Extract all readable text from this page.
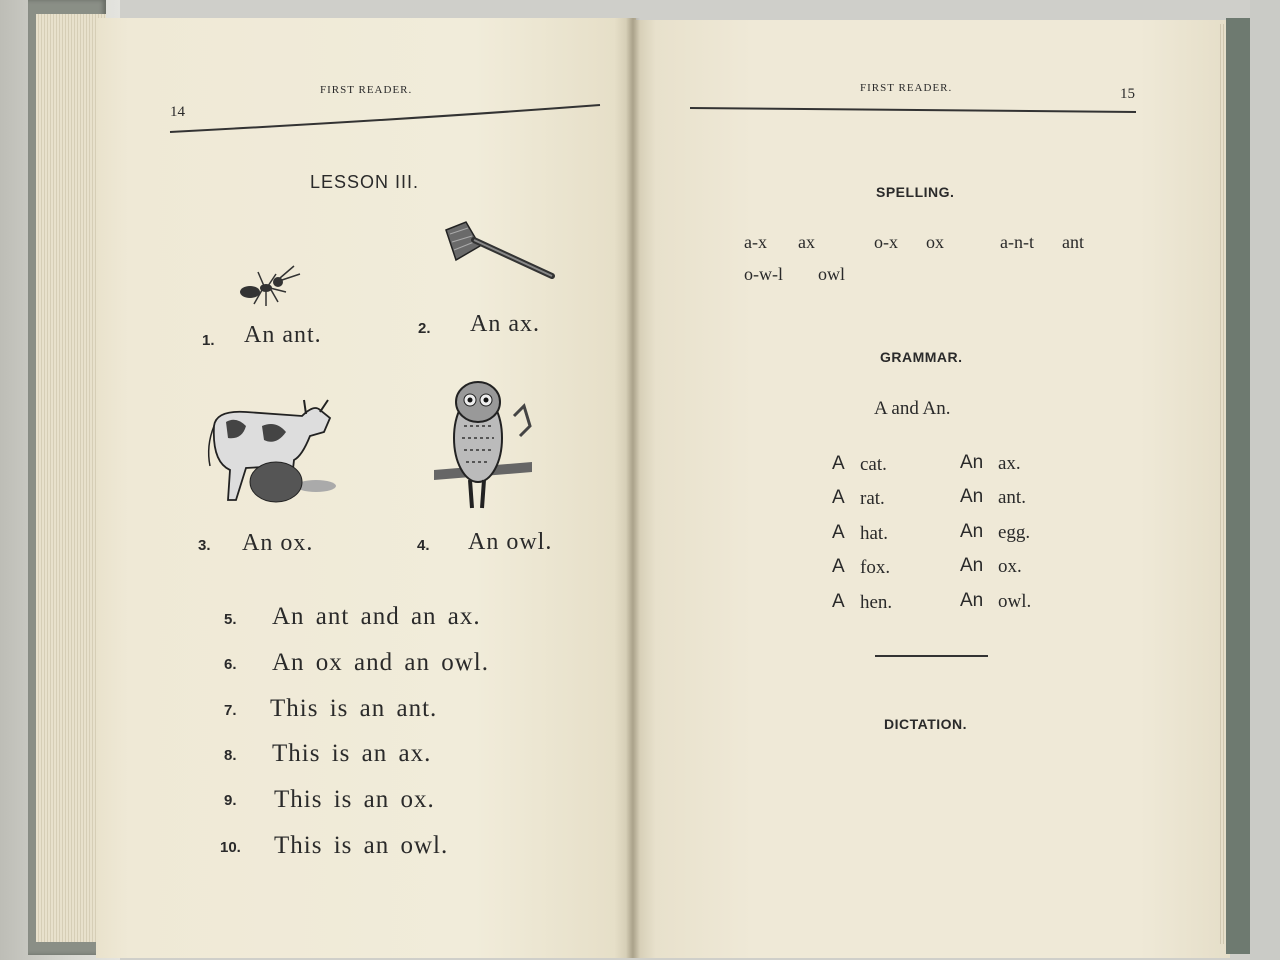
14
FIRST READER.
LESSON III.
1. An ant.	2. An ax.
3. An ox.	4. An owl.
5. An ant and an ax.
6. An ox and an owl.
7. This is an ant.
8. This is an ax.
9. This is an ox.
10. This is an owl.
FIRST READER.	15
SPELLING.
a-x ax	o-x ox	a-n-t ant
o-w-l owl
GRAMMAR.
A and An.
A cat.	An ax.
A rat.	An ant.
A hat.	An egg.
A fox.	An ox.
A hen.	An owl.
DICTATION.
